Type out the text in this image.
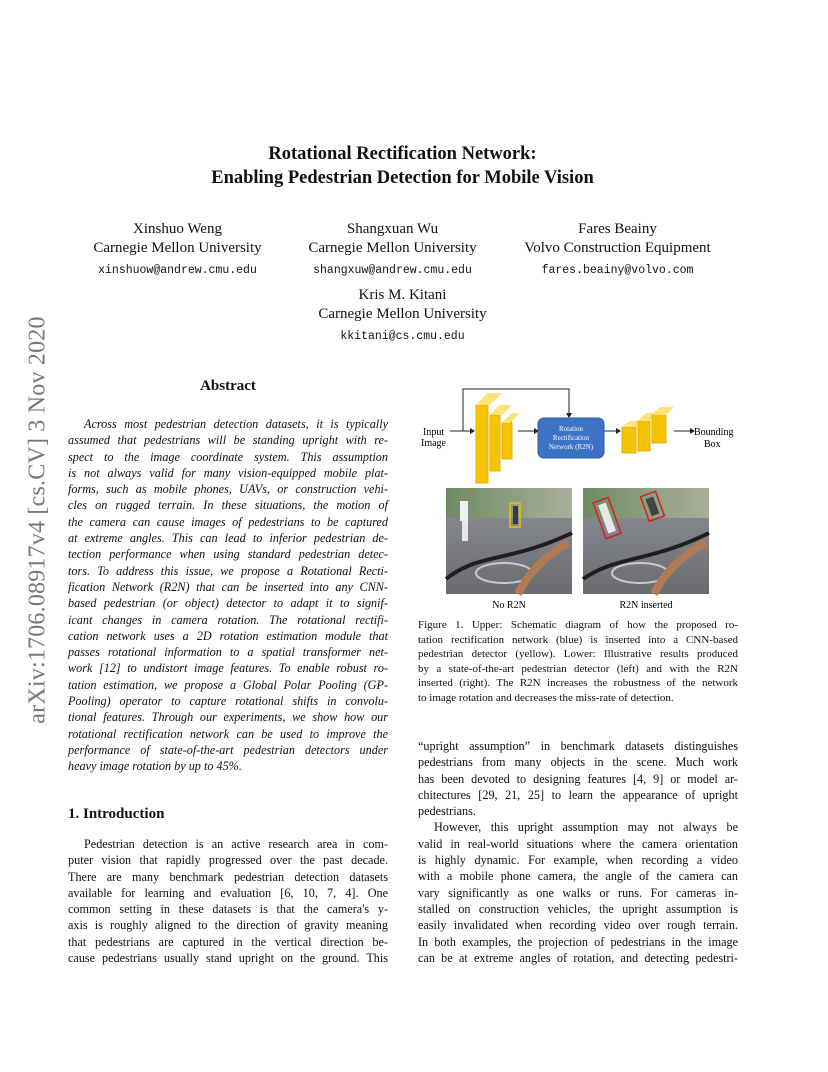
arXiv:1706.08917v4 [cs.CV] 3 Nov 2020
Rotational Rectification Network:
Enabling Pedestrian Detection for Mobile Vision
Xinshuo Weng
Carnegie Mellon University
xinshuow@andrew.cmu.edu
Shangxuan Wu
Carnegie Mellon University
shangxuw@andrew.cmu.edu
Fares Beainy
Volvo Construction Equipment
fares.beainy@volvo.com
Kris M. Kitani
Carnegie Mellon University
kkitani@cs.cmu.edu
Abstract
Across most pedestrian detection datasets, it is typically
assumed that pedestrians will be standing upright with re-
spect to the image coordinate system. This assumption
is not always valid for many vision-equipped mobile plat-
forms, such as mobile phones, UAVs, or construction vehi-
cles on rugged terrain. In these situations, the motion of
the camera can cause images of pedestrians to be captured
at extreme angles. This can lead to inferior pedestrian de-
tection performance when using standard pedestrian detec-
tors. To address this issue, we propose a Rotational Recti-
fication Network (R2N) that can be inserted into any CNN-
based pedestrian (or object) detector to adapt it to signif-
icant changes in camera rotation. The rotational rectifi-
cation network uses a 2D rotation estimation module that
passes rotational information to a spatial transformer net-
work [12] to undistort image features. To enable robust ro-
tation estimation, we propose a Global Polar Pooling (GP-
Pooling) operator to capture rotational shifts in convolu-
tional features. Through our experiments, we show how our
rotational rectification network can be used to improve the
performance of state-of-the-art pedestrian detectors under
heavy image rotation by up to 45%.
1. Introduction
Pedestrian detection is an active research area in com-
puter vision that rapidly progressed over the past decade.
There are many benchmark pedestrian detection datasets
available for learning and evaluation [6, 10, 7, 4]. One
common setting in these datasets is that the camera's y-
axis is roughly aligned to the direction of gravity meaning
that pedestrians are captured in the vertical direction be-
cause pedestrians usually stand upright on the ground. This
Rotation
Rectification
Network (R2N)
Input
Image
Bounding
Box
No R2N	R2N inserted
Figure 1. Upper: Schematic diagram of how the proposed ro-
tation rectification network (blue) is inserted into a CNN-based
pedestrian detector (yellow). Lower: Illustrative results produced
by a state-of-the-art pedestrian detector (left) and with the R2N
inserted (right). The R2N increases the robustness of the network
to image rotation and decreases the miss-rate of detection.
“upright assumption” in benchmark datasets distinguishes
pedestrians from many objects in the scene. Much work
has been devoted to designing features [4, 9] or model ar-
chitectures [29, 21, 25] to learn the appearance of upright
pedestrians.
However, this upright assumption may not always be
valid in real-world situations where the camera orientation
is highly dynamic. For example, when recording a video
with a mobile phone camera, the angle of the camera can
vary significantly as one walks or runs. For cameras in-
stalled on construction vehicles, the upright assumption is
easily invalidated when recording video over rough terrain.
In both examples, the projection of pedestrians in the image
can be at extreme angles of rotation, and detecting pedestri-
